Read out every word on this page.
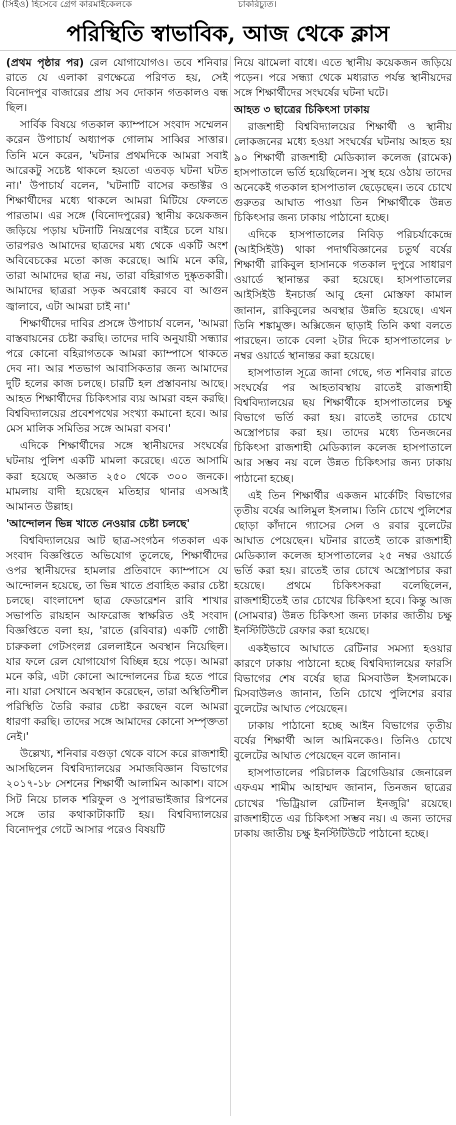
(সিইও) হিসেবে গ্রেগ কারমাইকেলকে	চাকরিচ্যুত।
পরিস্থিতি স্বাভাবিক, আজ থেকে ক্লাস

(প্রথম পৃষ্ঠার পর) রেল যোগাযোগও। তবে শনিবার রাতে যে এলাকা রণক্ষেত্রে পরিণত হয়, সেই বিনোদপুর বাজারের প্রায় সব দোকান গতকালও বন্ধ ছিল।

সার্বিক বিষয়ে গতকাল ক্যাম্পাসে সংবাদ সম্মেলন করেন উপাচার্য অধ্যাপক গোলাম সাব্বির সাত্তার। তিনি মনে করেন, 'ঘটনার প্রথমদিকে আমরা সবাই আরেকটু সচেষ্ট থাকলে হয়তো এতবড় ঘটনা ঘটত না।' উপাচার্য বলেন, 'ঘটনাটি বাসের কন্ডাক্টর ও শিক্ষার্থীদের মধ্যে থাকলে আমরা মিটিয়ে ফেলতে পারতাম। এর সঙ্গে (বিনোদপুরের) স্থানীয় কয়েকজন জড়িয়ে পড়ায় ঘটনাটি নিয়ন্ত্রণের বাইরে চলে যায়। তারপরও আমাদের ছাত্রদের মধ্য থেকে একটি অংশ অবিবেচকের মতো কাজ করেছে। আমি মনে করি, তারা আমাদের ছাত্র নয়, তারা বহিরাগত দুষ্কৃতকারী। আমাদের ছাত্ররা সড়ক অবরোধ করবে বা আগুন জ্বালাবে, এটা আমরা চাই না।'

শিক্ষার্থীদের দাবির প্রসঙ্গে উপাচার্য বলেন, 'আমরা বাস্তবায়নের চেষ্টা করছি। তাদের দাবি অনুযায়ী সন্ধ্যার পরে কোনো বহিরাগতকে আমরা ক্যাম্পাসে থাকতে দেব না। আর শতভাগ আবাসিকতার জন্য আমাদের দুটি হলের কাজ চলছে। চারটি হল প্রস্তাবনায় আছে। আহত শিক্ষার্থীদের চিকিৎসার ব্যয় আমরা বহন করছি। বিশ্ববিদ্যালয়ের প্রবেশপথের সংখ্যা কমানো হবে। আর মেস মালিক সমিতির সঙ্গে আমরা বসব।'

এদিকে শিক্ষার্থীদের সঙ্গে স্থানীয়দের সংঘর্ষের ঘটনায় পুলিশ একটি মামলা করেছে। এতে আসামি করা হয়েছে অজ্ঞাত ২৫০ থেকে ৩০০ জনকে। মামলায় বাদী হয়েছেন মতিহার থানার এসআই আমানত উল্লাহ।

'আন্দোলন ভিন্ন খাতে নেওয়ার চেষ্টা চলছে'

বিশ্ববিদ্যালয়ের আট ছাত্র-সংগঠন গতকাল এক সংবাদ বিজ্ঞপ্তিতে অভিযোগ তুলেছে, শিক্ষার্থীদের ওপর স্থানীয়দের হামলার প্রতিবাদে ক্যাম্পাসে যে আন্দোলন হয়েছে, তা ভিন্ন খাতে প্রবাহিত করার চেষ্টা চলছে। বাংলাদেশ ছাত্র ফেডারেশন রাবি শাখার সভাপতি রায়হান আফরোজ স্বাক্ষরিত ওই সংবাদ বিজ্ঞপ্তিতে বলা হয়, 'রাতে (রবিবার) একটি গোষ্ঠী চারুকলা গেটসংলগ্ন রেললাইনে অবস্থান নিয়েছিল। যার ফলে রেল যোগাযোগ বিচ্ছিন্ন হয়ে পড়ে। আমরা মনে করি, এটা কোনো আন্দোলনের চিত্র হতে পারে না। যারা সেখানে অবস্থান করেছেন, তারা অস্থিতিশীল পরিস্থিতি তৈরি করার চেষ্টা করছেন বলে আমরা ধারণা করছি। তাদের সঙ্গে আমাদের কোনো সম্পৃক্ততা নেই।'

উল্লেখ্য, শনিবার বগুড়া থেকে বাসে করে রাজশাহী আসছিলেন বিশ্ববিদ্যালয়ের সমাজবিজ্ঞান বিভাগের ২০১৭-১৮ সেশনের শিক্ষার্থী আলামিন আকাশ। বাসে সিট নিয়ে চালক শরিফুল ও সুপারভাইজার রিপনের সঙ্গে তার কথাকাটাকাটি হয়। বিশ্ববিদ্যালয়ের বিনোদপুর গেটে আসার পরেও বিষয়টি

নিয়ে ঝামেলা বাধে। এতে স্থানীয় কয়েকজন জড়িয়ে পড়েন। পরে সন্ধ্যা থেকে মধ্যরাত পর্যন্ত স্থানীয়দের সঙ্গে শিক্ষার্থীদের সংঘর্ষের ঘটনা ঘটে।

আহত ৩ ছাত্রের চিকিৎসা ঢাকায়

রাজশাহী বিশ্ববিদ্যালয়ের শিক্ষার্থী ও স্থানীয় লোকজনের মধ্যে হওয়া সংঘর্ষের ঘটনায় আহত হয় ৯০ শিক্ষার্থী রাজশাহী মেডিক্যাল কলেজ (রামেক) হাসপাতালে ভর্তি হয়েছিলেন। সুস্থ হয়ে ওঠায় তাদের অনেকেই গতকাল হাসপাতাল ছেড়েছেন। তবে চোখে গুরুতর আঘাত পাওয়া তিন শিক্ষার্থীকে উন্নত চিকিৎসার জন্য ঢাকায় পাঠানো হচ্ছে।

এদিকে হাসপাতালের নিবিড় পরিচর্যাকেন্দ্রে (আইসিইউ) থাকা পদার্থবিজ্ঞানের চতুর্থ বর্ষের শিক্ষার্থী রাকিবুল হাসানকে গতকাল দুপুরে সাধারণ ওয়ার্ডে স্থানান্তর করা হয়েছে। হাসপাতালের আইসিইউ ইনচার্জ আবু হেনা মোস্তফা কামাল জানান, রাকিবুলের অবস্থার উন্নতি হয়েছে। এখন তিনি শঙ্কামুক্ত। অক্সিজেন ছাড়াই তিনি কথা বলতে পারছেন। তাকে বেলা ২টার দিকে হাসপাতালের ৮ নম্বর ওয়ার্ডে স্থানান্তর করা হয়েছে।

হাসপাতাল সূত্রে জানা গেছে, গত শনিবার রাতে সংঘর্ষের পর আহতাবস্থায় রাতেই রাজশাহী বিশ্ববিদ্যালয়ের ছয় শিক্ষার্থীকে হাসপাতালের চক্ষু বিভাগে ভর্তি করা হয়। রাতেই তাদের চোখে অস্ত্রোপচার করা হয়। তাদের মধ্যে তিনজনের চিকিৎসা রাজশাহী মেডিক্যাল কলেজ হাসপাতালে আর সম্ভব নয় বলে উন্নত চিকিৎসার জন্য ঢাকায় পাঠানো হচ্ছে।

এই তিন শিক্ষার্থীর একজন মার্কেটিং বিভাগের তৃতীয় বর্ষের আলিমুল ইসলাম। তিনি চোখে পুলিশের ছোড়া কাঁদানে গ্যাসের সেল ও রবার বুলেটের আঘাত পেয়েছেন। ঘটনার রাতেই তাকে রাজশাহী মেডিক্যাল কলেজ হাসপাতালের ২৫ নম্বর ওয়ার্ডে ভর্তি করা হয়। রাতেই তার চোখে অস্ত্রোপচার করা হয়েছে। প্রথমে চিকিৎসকরা বলেছিলেন, রাজশাহীতেই তার চোখের চিকিৎসা হবে। কিন্তু আজ (সোমবার) উন্নত চিকিৎসা জন্য ঢাকার জাতীয় চক্ষু ইনস্টিটিউটে রেফার করা হয়েছে।

একইভাবে আঘাতে রেটিনার সমস্যা হওয়ার কারণে ঢাকায় পাঠানো হচ্ছে বিশ্ববিদ্যালয়ের ফারসি বিভাগের শেষ বর্ষের ছাত্র মিসবাউল ইসলামকে। মিসবাউলও জানান, তিনি চোখে পুলিশের রবার বুলেটের আঘাত পেয়েছেন।

ঢাকায় পাঠানো হচ্ছে আইন বিভাগের তৃতীয় বর্ষের শিক্ষার্থী আল আমিনকেও। তিনিও চোখে বুলেটের আঘাত পেয়েছেন বলে জানান।

হাসপাতালের পরিচালক ব্রিগেডিয়ার জেনারেল এফএম শামীম আহাম্মদ জানান, তিনজন ছাত্রের চোখের 'ভিট্রিয়াল রেটিনাল ইনজুরি' রয়েছে। রাজশাহীতে এর চিকিৎসা সম্ভব নয়। এ জন্য তাদের ঢাকায় জাতীয় চক্ষু ইনস্টিটিউটে পাঠানো হচ্ছে।
